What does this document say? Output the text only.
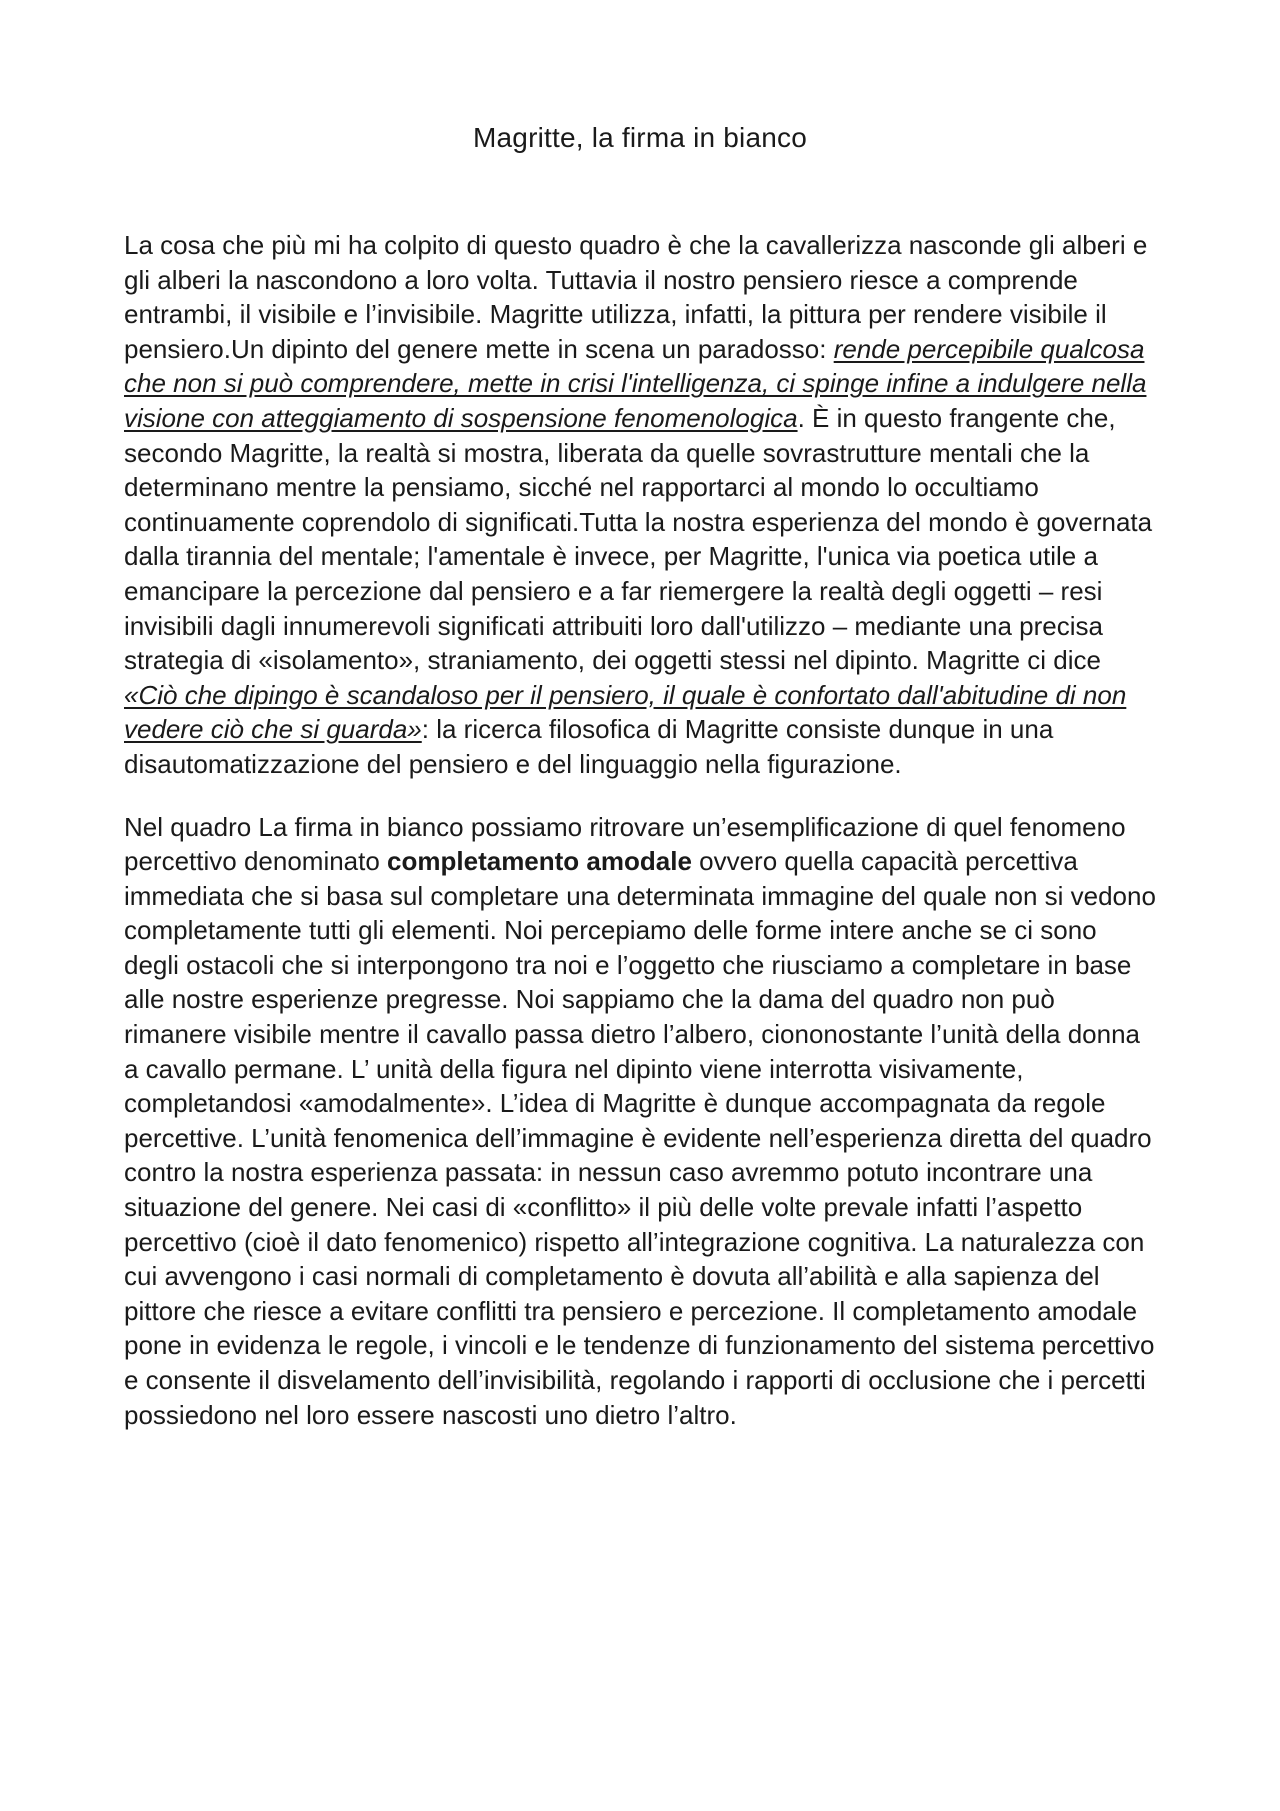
Magritte, la firma in bianco

La cosa che più mi ha colpito di questo quadro è che la cavallerizza nasconde gli alberi e gli alberi la nascondono a loro volta. Tuttavia il nostro pensiero riesce a comprende entrambi, il visibile e l’invisibile. Magritte utilizza, infatti, la pittura per rendere visibile il pensiero.Un dipinto del genere mette in scena un paradosso: rende percepibile qualcosa che non si può comprendere, mette in crisi l'intelligenza, ci spinge infine a indulgere nella visione con atteggiamento di sospensione fenomenologica. È in questo frangente che, secondo Magritte, la realtà si mostra, liberata da quelle sovrastrutture mentali che la determinano mentre la pensiamo, sicché nel rapportarci al mondo lo occultiamo continuamente coprendolo di significati.Tutta la nostra esperienza del mondo è governata dalla tirannia del mentale; l'amentale è invece, per Magritte, l'unica via poetica utile a emancipare la percezione dal pensiero e a far riemergere la realtà degli oggetti – resi invisibili dagli innumerevoli significati attribuiti loro dall'utilizzo – mediante una precisa strategia di «isolamento», straniamento, dei oggetti stessi nel dipinto. Magritte ci dice «Ciò che dipingo è scandaloso per il pensiero, il quale è confortato dall'abitudine di non vedere ciò che si guarda»: la ricerca filosofica di Magritte consiste dunque in una disautomatizzazione del pensiero e del linguaggio nella figurazione.

Nel quadro La firma in bianco possiamo ritrovare un’esemplificazione di quel fenomeno percettivo denominato completamento amodale ovvero quella capacità percettiva immediata che si basa sul completare una determinata immagine del quale non si vedono completamente tutti gli elementi. Noi percepiamo delle forme intere anche se ci sono degli ostacoli che si interpongono tra noi e l’oggetto che riusciamo a completare in base alle nostre esperienze pregresse. Noi sappiamo che la dama del quadro non può rimanere visibile mentre il cavallo passa dietro l’albero, ciononostante l’unità della donna a cavallo permane. L’ unità della figura nel dipinto viene interrotta visivamente, completandosi «amodalmente». L’idea di Magritte è dunque accompagnata da regole percettive. L’unità fenomenica dell’immagine è evidente nell’esperienza diretta del quadro contro la nostra esperienza passata: in nessun caso avremmo potuto incontrare una situazione del genere. Nei casi di «conflitto» il più delle volte prevale infatti l’aspetto percettivo (cioè il dato fenomenico) rispetto all’integrazione cognitiva. La naturalezza con cui avvengono i casi normali di completamento è dovuta all’abilità e alla sapienza del pittore che riesce a evitare conflitti tra pensiero e percezione. Il completamento amodale pone in evidenza le regole, i vincoli e le tendenze di funzionamento del sistema percettivo e consente il disvelamento dell’invisibilità, regolando i rapporti di occlusione che i percetti possiedono nel loro essere nascosti uno dietro l’altro.
